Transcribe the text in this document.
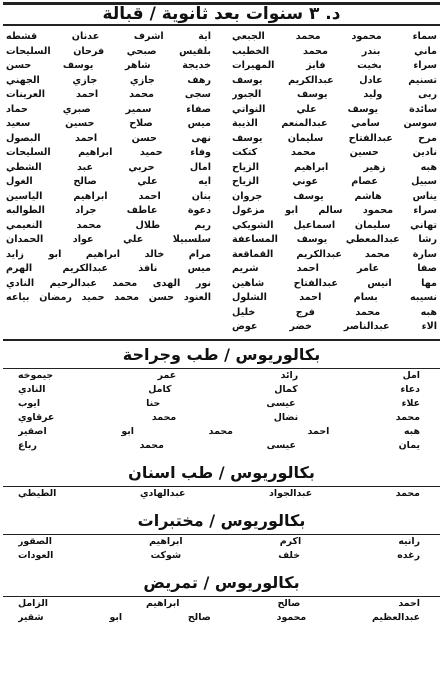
د. ٣ سنوات بعد ثانوية / قبالة
سماء محمود محمد الجبعي
ماني بندر محمد الخطيب
سراء بخيت فايز المهيرات
تسنيم عادل عبدالكريم يوسف
ربى وليد يوسف الجبور
سائدة يوسف علي النواتي
سوسن سامي عبدالمنعم الذيبة
مرح عبدالفتاح سليمان يوسف
نادين حسين محمد كتكت
هبه زهير ابراهيم الزياح
سبيل عصام عوني الزياح
يناس هاشم يوسف جروان
سراء محمود سالم ابو مزغول
تهاني سليمان اسماعيل الشويكي
رشا عبدالمعطي يوسف المساعفة
سارة محمد عبدالكريم القماقعة
صفا عامر احمد شريم
مها انيس عبدالفتاح شاهين
نسيبه بسام احمد الشلول
هبه محمد فرج خليل
الاء عبدالناصر خضر عوض
اية اشرف عدنان قشطه
بلقيس صبحي فرحان السليحات
خديجة شاهر يوسف حسن
رهف جازي جازي الجهني
سجى محمد احمد العرينات
صفاء سمير صبري حماد
ميس صلاح حسين سعيد
نهى حسن احمد البصول
وفاء حميد ابراهيم السليحات
امال حربي عبد الشطي
ايه علي صالح الغول
بنان احمد ابراهيم الياسين
دعوة عاطف جراد الطوالبه
ريم طلال محمد النعيمي
سلسبيلا علي عواد الحمدان
مرام خالد ابراهيم ابو زايد
ميس نافذ عبدالكريم الهرم
نور الهدى محمد عبدالرحيم النادي
العنود حسن محمد حميد رمضان بياعه
بكالوريوس / طب وجراحة
امل رائد عمر جيموخه
دعاء كمال كامل النادي
علاء عيسى حنا ايوب
محمد نضال محمد عرقاوي
هبه احمد محمد ابو اصقير
يمان عيسى محمد رباع
بكالوريوس / طب اسنان
محمد عبدالجواد عبدالهادي الطيطي
بكالوريوس / مختبرات
رانيه اكرم ابراهيم الصقور
رغده خلف شوكت العودات
بكالوريوس / تمريض
احمد صالح ابراهيم الزامل
عبدالعظيم محمود صالح ابو شقير
